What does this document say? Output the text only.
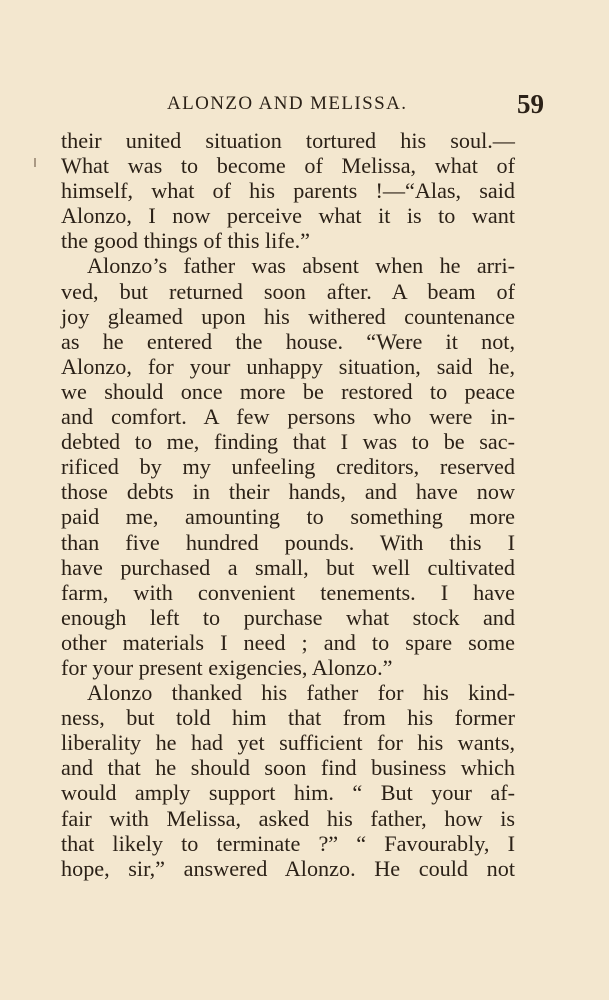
ALONZO AND MELISSA.	59
their united situation tortured his soul.—
What was to become of Melissa, what of
himself, what of his parents !—“Alas, said
Alonzo, I now perceive what it is to want
the good things of this life.”
Alonzo’s father was absent when he arri-
ved, but returned soon after. A beam of
joy gleamed upon his withered countenance
as he entered the house. “Were it not,
Alonzo, for your unhappy situation, said he,
we should once more be restored to peace
and comfort. A few persons who were in-
debted to me, finding that I was to be sac-
rificed by my unfeeling creditors, reserved
those debts in their hands, and have now
paid me, amounting to something more
than five hundred pounds. With this I
have purchased a small, but well cultivated
farm, with convenient tenements. I have
enough left to purchase what stock and
other materials I need ; and to spare some
for your present exigencies, Alonzo.”
Alonzo thanked his father for his kind-
ness, but told him that from his former
liberality he had yet sufficient for his wants,
and that he should soon find business which
would amply support him. “ But your af-
fair with Melissa, asked his father, how is
that likely to terminate ?” “ Favourably, I
hope, sir,” answered Alonzo. He could not
